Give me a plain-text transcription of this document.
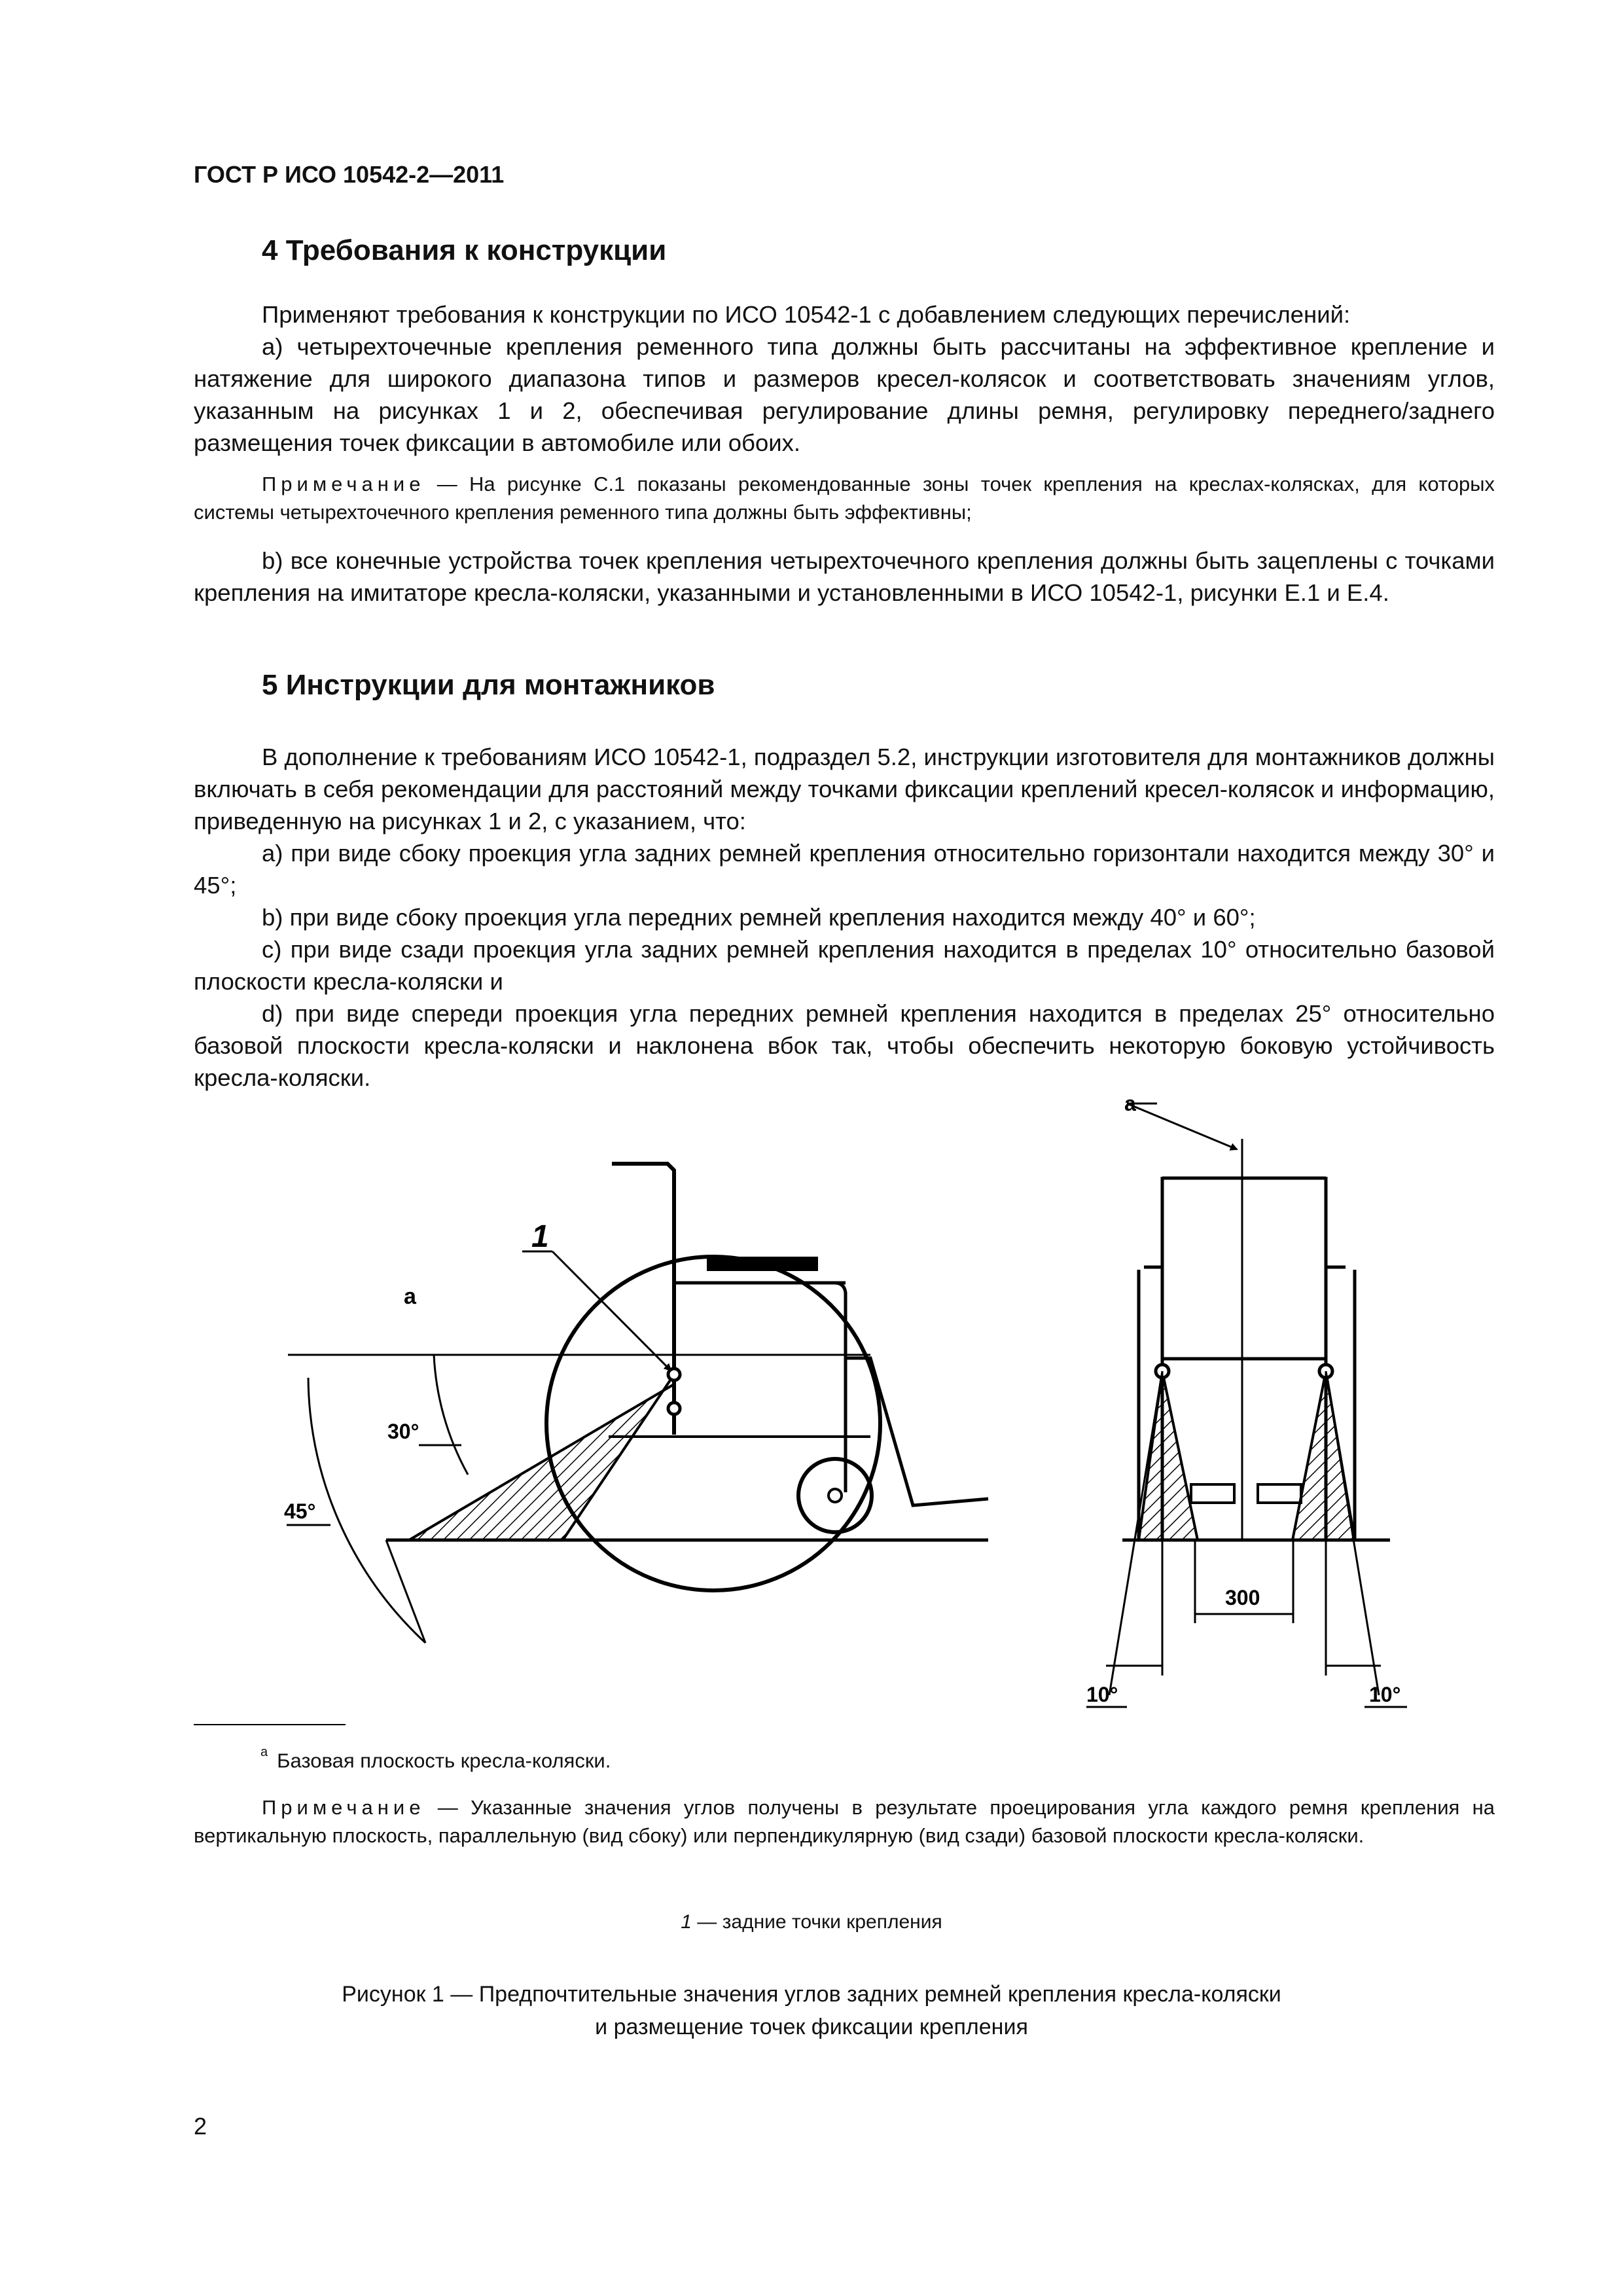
ГОСТ Р ИСО 10542-2—2011
4 Требования к конструкции

Применяют требования к конструкции по ИСО 10542-1 с добавлением следующих перечислений:

а) четырехточечные крепления ременного типа должны быть рассчитаны на эффективное крепление и натяжение для широкого диапазона типов и размеров кресел-колясок и соответствовать значениям углов, указанным на рисунках 1 и 2, обеспечивая регулирование длины ремня, регулировку переднего/заднего размещения точек фиксации в автомобиле или обоих.

Примечание — На рисунке С.1 показаны рекомендованные зоны точек крепления на креслах-колясках, для которых системы четырехточечного крепления ременного типа должны быть эффективны;

b) все конечные устройства точек крепления четырехточечного крепления должны быть зацеплены с точками крепления на имитаторе кресла-коляски, указанными и установленными в ИСО 10542-1, рисунки Е.1 и Е.4.

5 Инструкции для монтажников

В дополнение к требованиям ИСО 10542-1, подраздел 5.2, инструкции изготовителя для монтажников должны включать в себя рекомендации для расстояний между точками фиксации креплений кресел-колясок и информацию, приведенную на рисунках 1 и 2, с указанием, что:

а) при виде сбоку проекция угла задних ремней крепления относительно горизонтали находится между 30° и 45°;

b) при виде сбоку проекция угла передних ремней крепления находится между 40° и 60°;

c) при виде сзади проекция угла задних ремней крепления находится в пределах 10° относительно базовой плоскости кресла-коляски и

d) при виде спереди проекция угла передних ремней крепления находится в пределах 25° относительно базовой плоскости кресла-коляски и наклонена вбок так, чтобы обеспечить некоторую боковую устойчивость кресла-коляски.

a
1
30°
45°
a
300
10°	10°
$^a$ Базовая плоскость кресла-коляски.

Примечание — Указанные значения углов получены в результате проецирования угла каждого ремня крепления на вертикальную плоскость, параллельную (вид сбоку) или перпендикулярную (вид сзади) базовой плоскости кресла-коляски.

1 — задние точки крепления
Рисунок 1 — Предпочтительные значения углов задних ремней крепления кресла-коляски
и размещение точек фиксации крепления
2
